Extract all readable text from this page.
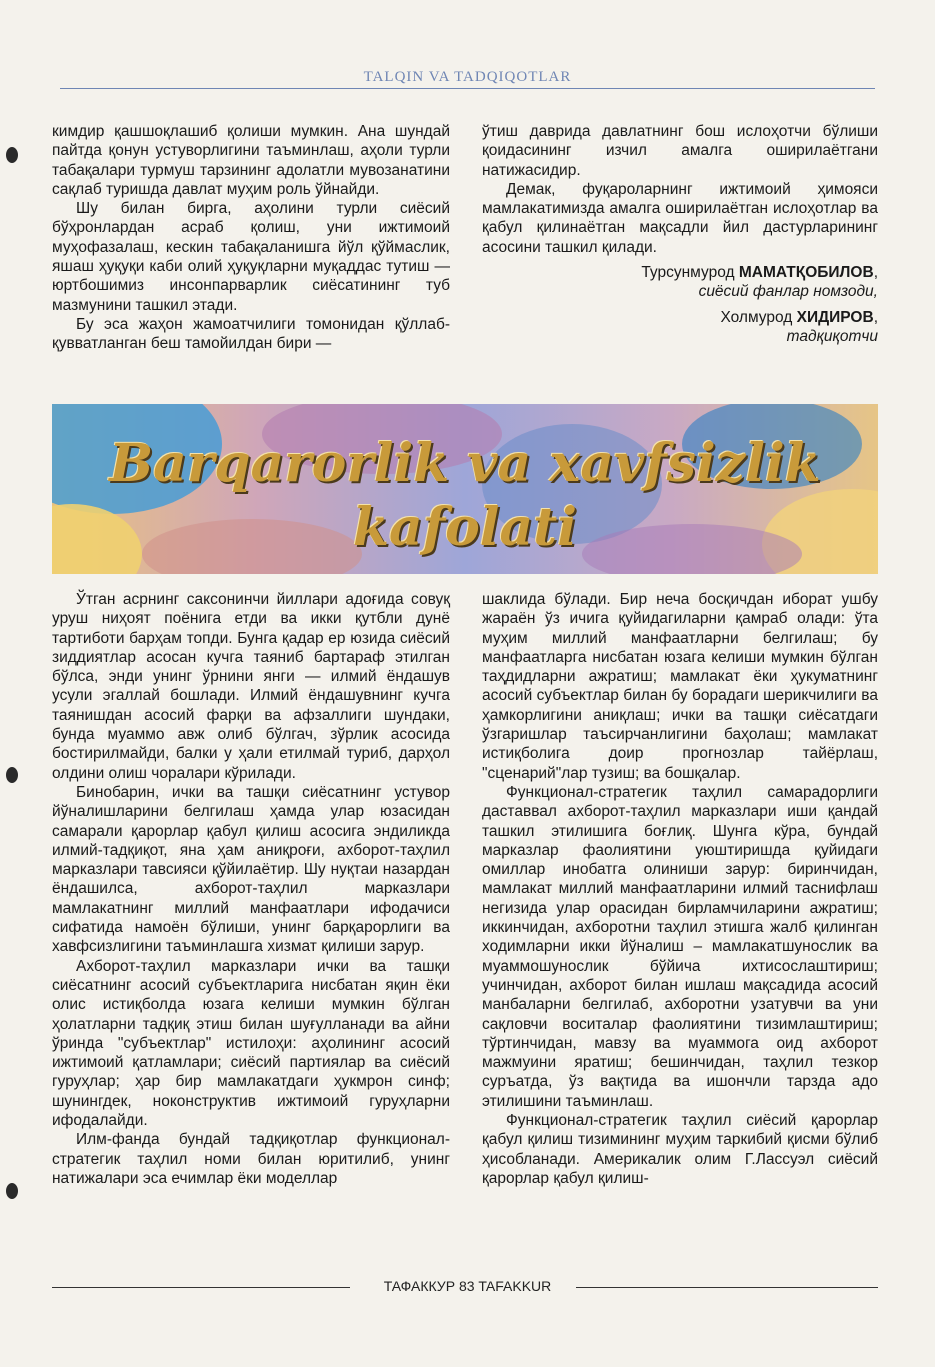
TALQIN VA TADQIQOTLAR

кимдир қашшоқлашиб қолиши мумкин. Ана шундай пайтда қонун устуворлигини таъминлаш, аҳоли турли табақалари турмуш тарзининг адолатли мувозанатини сақлаб туришда давлат муҳим роль ўйнайди.

Шу билан бирга, аҳолини турли сиёсий бўҳронлардан асраб қолиш, уни ижтимоий муҳофазалаш, кескин табақаланишга йўл қўймаслик, яшаш ҳуқуқи каби олий ҳуқуқларни муқаддас тутиш — юртбошимиз инсонпарварлик сиёсатининг туб мазмунини ташкил этади.

Бу эса жаҳон жамоатчилиги томонидан қўллаб-қувватланган беш тамойилдан бири —

ўтиш даврида давлатнинг бош ислоҳотчи бўлиши қоидасининг изчил амалга оширилаётгани натижасидир.

Демак, фуқароларнинг ижтимоий ҳимояси мамлакатимизда амалга оширилаётган ислоҳотлар ва қабул қилинаётган мақсадли йил дастурларининг асосини ташкил қилади.

Турсунмурод МАМАТҚОБИЛОВ,

сиёсий фанлар номзоди,

Холмурод ХИДИРОВ,

тадқиқотчи

Barqarorlik va xavfsizlik
kafolati

Ўтган асрнинг саксонинчи йиллари адоғида совуқ уруш ниҳоят поёнига етди ва икки қутбли дунё тартиботи барҳам топди. Бунга қадар ер юзида сиёсий зиддиятлар асосан кучга таяниб бартараф этилган бўлса, энди унинг ўрнини янги — илмий ёндашув усули эгаллай бошлади. Илмий ёндашувнинг кучга таянишдан асосий фарқи ва афзаллиги шундаки, бунда муаммо авж олиб бўлгач, зўрлик асосида бостирилмайди, балки у ҳали етилмай туриб, дарҳол олдини олиш чоралари кўрилади.

Бинобарин, ички ва ташқи сиёсатнинг устувор йўналишларини белгилаш ҳамда улар юзасидан самарали қарорлар қабул қилиш асосига эндиликда илмий-тадқиқот, яна ҳам аниқроғи, ахборот-таҳлил марказлари тавсияси қўйилаётир. Шу нуқтаи назардан ёндашилса, ахборот-таҳлил марказлари мамлакатнинг миллий манфаатлари ифодачиси сифатида намоён бўлиши, унинг барқарорлиги ва хавфсизлигини таъминлашга хизмат қилиши зарур.

Ахборот-таҳлил марказлари ички ва ташқи сиёсатнинг асосий субъектларига нисбатан яқин ёки олис истиқболда юзага келиши мумкин бўлган ҳолатларни тадқиқ этиш билан шуғулланади ва айни ўринда "субъектлар" истилоҳи: аҳолининг асосий ижтимоий қатламлари; сиёсий партиялар ва сиёсий гуруҳлар; ҳар бир мамлакатдаги ҳукмрон синф; шунингдек, ноконструктив ижтимоий гуруҳларни ифодалайди.

Илм-фанда бундай тадқиқотлар функционал-стратегик таҳлил номи билан юритилиб, унинг натижалари эса ечимлар ёки моделлар

шаклида бўлади. Бир неча босқичдан иборат ушбу жараён ўз ичига қуйидагиларни қамраб олади: ўта муҳим миллий манфаатларни белгилаш; бу манфаатларга нисбатан юзага келиши мумкин бўлган таҳдидларни ажратиш; мамлакат ёки ҳукуматнинг асосий субъектлар билан бу борадаги шерикчилиги ва ҳамкорлигини аниқлаш; ички ва ташқи сиёсатдаги ўзгаришлар таъсирчанлигини баҳолаш; мамлакат истиқболига доир прогнозлар тайёрлаш, "сценарий"лар тузиш; ва бошқалар.

Функционал-стратегик таҳлил самарадорлиги даставвал ахборот-таҳлил марказлари иши қандай ташкил этилишига боғлиқ. Шунга кўра, бундай марказлар фаолиятини уюштиришда қуйидаги омиллар инобатга олиниши зарур: биринчидан, мамлакат миллий манфаатларини илмий таснифлаш негизида улар орасидан бирламчиларини ажратиш; иккинчидан, ахборотни таҳлил этишга жалб қилинган ходимларни икки йўналиш – мамлакатшунослик ва муаммошунослик бўйича ихтисослаштириш; учинчидан, ахборот билан ишлаш мақсадида асосий манбаларни белгилаб, ахборотни узатувчи ва уни сақловчи воситалар фаолиятини тизимлаштириш; тўртинчидан, мавзу ва муаммога оид ахборот мажмуини яратиш; бешинчидан, таҳлил тезкор суръатда, ўз вақтида ва ишончли тарзда адо этилишини таъминлаш.

Функционал-стратегик таҳлил сиёсий қарорлар қабул қилиш тизимининг муҳим таркибий қисми бўлиб ҳисобланади. Америкалик олим Г.Лассуэл сиёсий қарорлар қабул қилиш-

ТАФАККУР 83 TAFAKKUR
